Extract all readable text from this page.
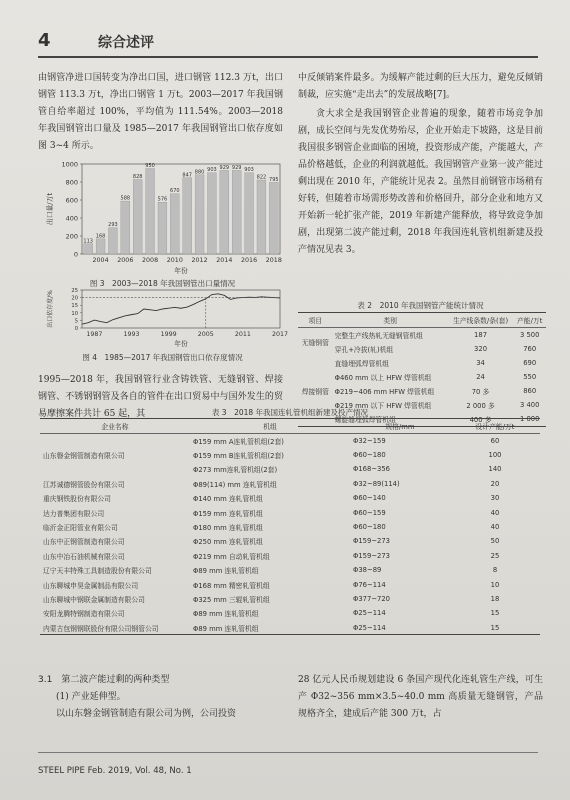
4	综合述评
由钢管净进口国转变为净出口国，进口钢管 112.3 万t，出口钢管 113.3 万t，净出口钢管 1 万t。2003—2017 年我国钢管自给率超过 100%，平均值为 111.54%。2003—2018 年我国钢管出口量及 1985—2017 年我国钢管出口依存度如图 3~4 所示。
0
200
400
600
800
1000
113
168
293
588
828
950
576
670
847 880 903 929 929 903
822 795
2004 2006 2008 2010 2012 2014 2016 2018
年份
出口量/万t
图 3　2003—2018 年我国钢管出口量情况
0
5
10
15
20
25
1987	1993	1999	2005	2011	2017
年份
出口依存度/%
图 4　1985—2017 年我国钢管出口依存度情况
1995—2018 年，我国钢管行业含铸铁管、无缝钢管、焊接钢管、不锈钢钢管及各自的管件在出口贸易中与国外发生的贸易摩擦案件共计 65 起，其
中反倾销案件最多。为缓解产能过剩的巨大压力，避免反倾销制裁，应实施“走出去”的发展战略[7]。
贪大求全是我国钢管企业普遍的现象，随着市场竞争加剧，成长空间与先发优势殆尽，企业开始走下坡路，这是目前我国很多钢管企业面临的困境，投资形成产能，产能越大，产品价格越低，企业的利润就越低。我国钢管产业第一波产能过剩出现在 2010 年，产能统计见表 2。虽然目前钢管市场稍有好转，但随着市场需形势改善和价格回升，部分企业和地方又开始新一轮扩张产能，2019 年新建产能释放，将导致竞争加剧，出现第二波产能过剩，2018 年我国连轧管机组新建及投产情况见表 3。
表 2　2010 年我国钢管产能统计情况
项目	类别	生产线条数/条(套)	产能/万t
无缝钢管	完整生产线热轧无缝钢管机组	187	3 500
	穿孔+冷拔(轧)机组	320	760
焊接钢管	直缝埋弧焊管机组	34	690
	Φ460 mm 以上 HFW 焊管机组	24	550
	Φ219~406 mm HFW 焊管机组	70 多	860
	Φ219 mm 以下 HFW 焊管机组	2 000 多	3 400
	螺旋缝埋弧焊管机组	400 多	1 000
表 3　2018 年我国连轧管机组新建及投产情况
企业名称	机组	规格/mm	设计产能/万t
山东磐金钢管制造有限公司	Φ159 mm A连轧管机组(2套)	Φ32~159	60
	Φ159 mm B连轧管机组(2套)	Φ60~180	100
	Φ273 mm连轧管机组(2套)	Φ168~356	140
江苏诚德钢管股份有限公司	Φ89(114) mm 连轧管机组	Φ32~89(114)	20
重庆钢铁股份有限公司	Φ140 mm 连轧管机组	Φ60~140	30
达力普集团有限公司	Φ159 mm 连轧管机组	Φ60~159	40
临沂金正阳管业有限公司	Φ180 mm 连轧管机组	Φ60~180	40
山东中正钢管制造有限公司	Φ250 mm 连轧管机组	Φ159~273	50
山东中冶石油机械有限公司	Φ219 mm 自动轧管机组	Φ159~273	25
辽宁天丰特殊工具制造股份有限公司	Φ89 mm 连轧管机组	Φ38~89	8
山东聊城申昊金属制品有限公司	Φ168 mm 精密轧管机组	Φ76~114	10
山东聊城中钢联金属制造有限公司	Φ325 mm 三辊轧管机组	Φ377~720	18
安阳龙腾特钢制造有限公司	Φ89 mm 连轧管机组	Φ25~114	15
内蒙古包钢钢联股份有限公司钢管公司	Φ89 mm 连轧管机组	Φ25~114	15
3.1　第二波产能过剩的两种类型
(1) 产业延伸型。
以山东磐金钢管制造有限公司为例，公司投资
28 亿元人民币规划建设 6 条国产现代化连轧管生产线，可生产 Φ32~356 mm×3.5~40.0 mm 高质量无缝钢管，产品规格齐全，建成后产能 300 万t，占
STEEL PIPE Feb. 2019, Vol. 48, No. 1
